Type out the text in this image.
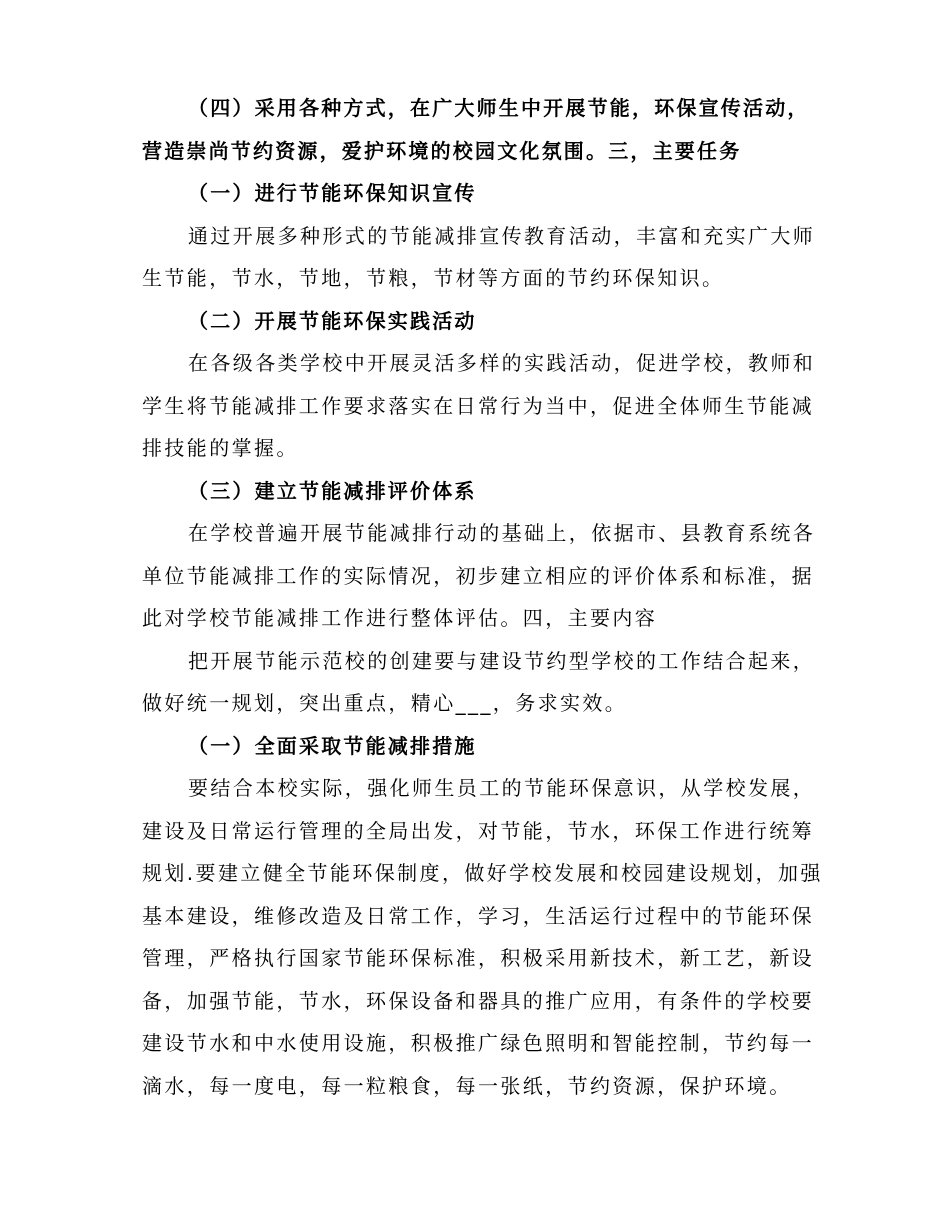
（四）采用各种方式，在广大师生中开展节能，环保宣传活动，
营造崇尚节约资源，爱护环境的校园文化氛围。三，主要任务
（一）进行节能环保知识宣传
通过开展多种形式的节能减排宣传教育活动，丰富和充实广大师
生节能，节水，节地，节粮，节材等方面的节约环保知识。
（二）开展节能环保实践活动
在各级各类学校中开展灵活多样的实践活动，促进学校，教师和
学生将节能减排工作要求落实在日常行为当中，促进全体师生节能减
排技能的掌握。
（三）建立节能减排评价体系
在学校普遍开展节能减排行动的基础上，依据市、县教育系统各
单位节能减排工作的实际情况，初步建立相应的评价体系和标准，据
此对学校节能减排工作进行整体评估。四，主要内容
把开展节能示范校的创建要与建设节约型学校的工作结合起来，
做好统一规划，突出重点，精心___，务求实效。
（一）全面采取节能减排措施
要结合本校实际，强化师生员工的节能环保意识，从学校发展，
建设及日常运行管理的全局出发，对节能，节水，环保工作进行统筹
规划.要建立健全节能环保制度，做好学校发展和校园建设规划，加强
基本建设，维修改造及日常工作，学习，生活运行过程中的节能环保
管理，严格执行国家节能环保标准，积极采用新技术，新工艺，新设
备，加强节能，节水，环保设备和器具的推广应用，有条件的学校要
建设节水和中水使用设施，积极推广绿色照明和智能控制，节约每一
滴水，每一度电，每一粒粮食，每一张纸，节约资源，保护环境。
